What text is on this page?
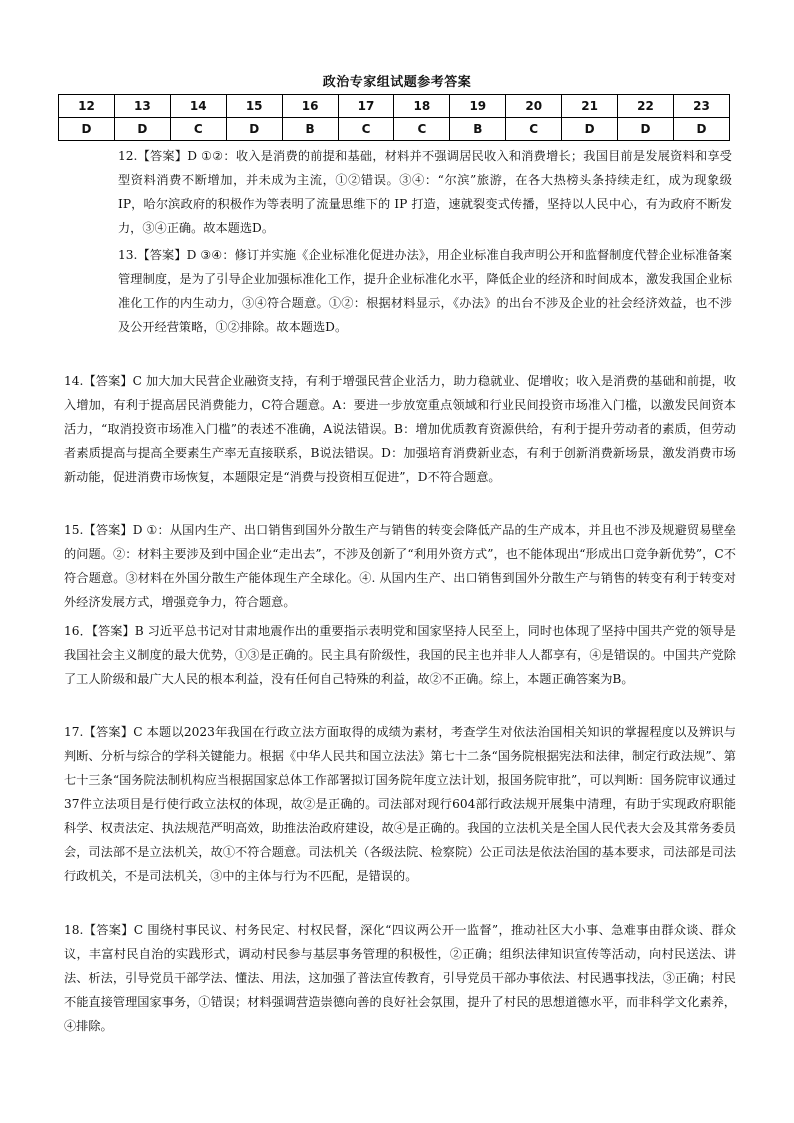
政治专家组试题参考答案
12	13	14	15	16	17	18	19	20	21	22	23
D	D	C	D	B	C	C	B	C	D	D	D

12.【答案】D ①②：收入是消费的前提和基础，材料并不强调居民收入和消费增长；我国目前是发展资料和享受型资料消费不断增加，并未成为主流，①②错误。③④：“尔滨”旅游，在各大热榜头条持续走红，成为现象级 IP，哈尔滨政府的积极作为等表明了流量思维下的 IP 打造，速就裂变式传播，坚持以人民中心，有为政府不断发力，③④正确。故本题选D。

13.【答案】D ③④：修订并实施《企业标准化促进办法》，用企业标准自我声明公开和监督制度代替企业标准备案管理制度，是为了引导企业加强标准化工作，提升企业标准化水平，降低企业的经济和时间成本，激发我国企业标准化工作的内生动力，③④符合题意。①②：根据材料显示，《办法》的出台不涉及企业的社会经济效益，也不涉及公开经营策略，①②排除。故本题选D。

14.【答案】C 加大加大民营企业融资支持，有利于增强民营企业活力，助力稳就业、促增收；收入是消费的基础和前提，收入增加，有利于提高居民消费能力，C符合题意。A：要进一步放宽重点领域和行业民间投资市场准入门槛，以激发民间资本活力，“取消投资市场准入门槛”的表述不准确，A说法错误。B：增加优质教育资源供给，有利于提升劳动者的素质，但劳动者素质提高与提高全要素生产率无直接联系，B说法错误。D：加强培育消费新业态，有利于创新消费新场景，激发消费市场新动能，促进消费市场恢复，本题限定是“消费与投资相互促进”，D不符合题意。

15.【答案】D ①：从国内生产、出口销售到国外分散生产与销售的转变会降低产品的生产成本，并且也不涉及规避贸易壁垒的问题。②：材料主要涉及到中国企业“走出去”，不涉及创新了“利用外资方式”，也不能体现出“形成出口竞争新优势”，C不符合题意。③材料在外国分散生产能体现生产全球化。④. 从国内生产、出口销售到国外分散生产与销售的转变有利于转变对外经济发展方式，增强竞争力，符合题意。

16．【答案】B 习近平总书记对甘肃地震作出的重要指示表明党和国家坚持人民至上，同时也体现了坚持中国共产党的领导是我国社会主义制度的最大优势，①③是正确的。民主具有阶级性，我国的民主也并非人人都享有，④是错误的。中国共产党除了工人阶级和最广大人民的根本利益，没有任何自己特殊的利益，故②不正确。综上，本题正确答案为B。

17.【答案】C 本题以2023年我国在行政立法方面取得的成绩为素材，考查学生对依法治国相关知识的掌握程度以及辨识与判断、分析与综合的学科关键能力。根据《中华人民共和国立法法》第七十二条“国务院根据宪法和法律，制定行政法规”、第七十三条“国务院法制机构应当根据国家总体工作部署拟订国务院年度立法计划，报国务院审批”，可以判断：国务院审议通过37件立法项目是行使行政立法权的体现，故②是正确的。司法部对现行604部行政法规开展集中清理，有助于实现政府职能科学、权责法定、执法规范严明高效，助推法治政府建设，故④是正确的。我国的立法机关是全国人民代表大会及其常务委员会，司法部不是立法机关，故①不符合题意。司法机关（各级法院、检察院）公正司法是依法治国的基本要求，司法部是司法行政机关，不是司法机关，③中的主体与行为不匹配，是错误的。

18.【答案】C 围绕村事民议、村务民定、村权民督，深化“四议两公开一监督”，推动社区大小事、急难事由群众谈、群众议，丰富村民自治的实践形式，调动村民参与基层事务管理的积极性，②正确；组织法律知识宣传等活动，向村民送法、讲法、析法，引导党员干部学法、懂法、用法，这加强了普法宣传教育，引导党员干部办事依法、村民遇事找法，③正确；村民不能直接管理国家事务，①错误；材料强调营造崇德向善的良好社会氛围，提升了村民的思想道德水平，而非科学文化素养，④排除。
